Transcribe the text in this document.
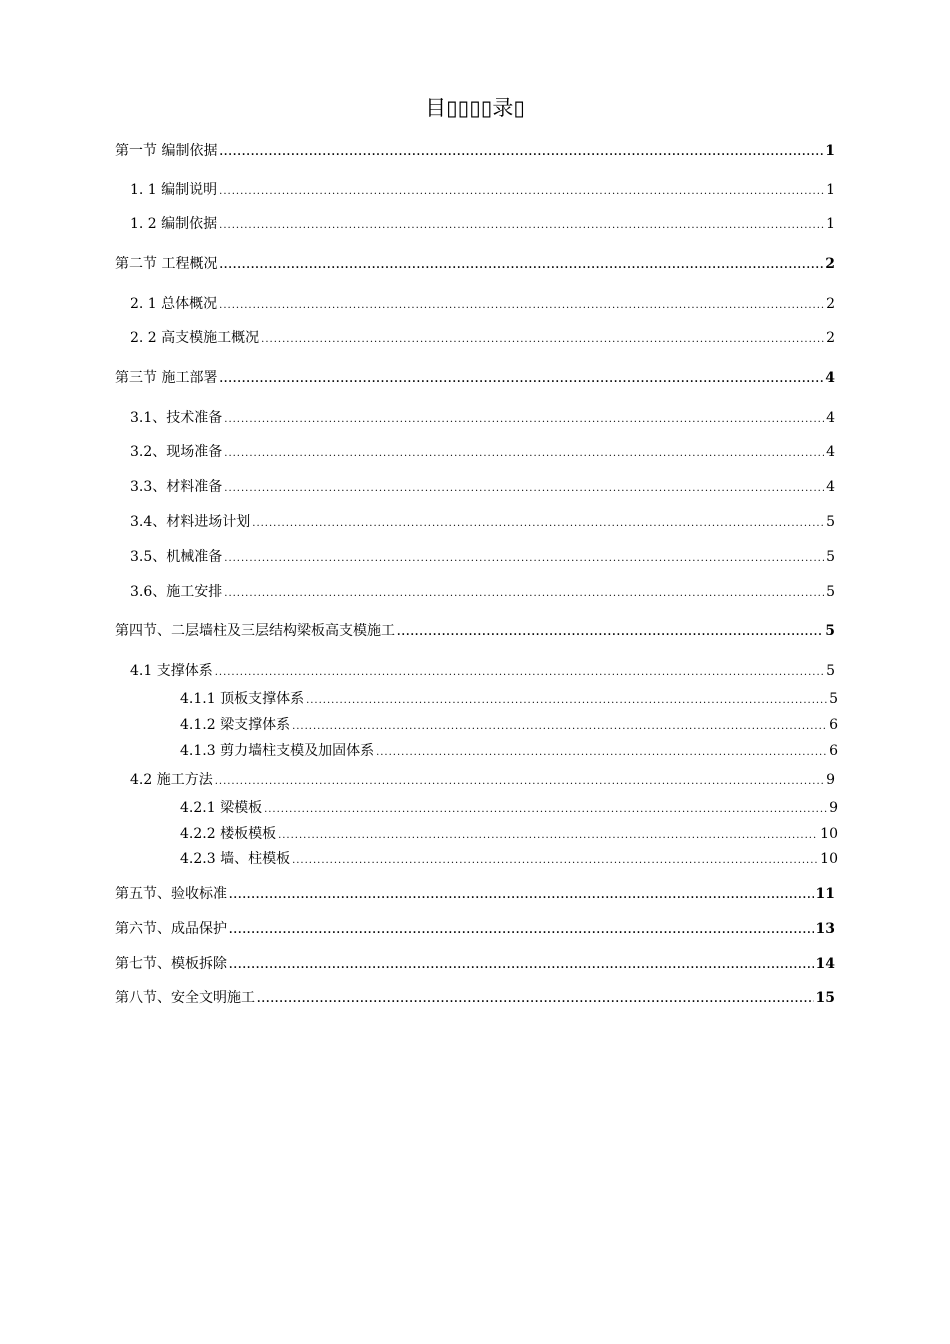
目▯▯▯▯录▯
第一节 编制依据 .....	1
1. 1 编制说明 .....	1
1. 2 编制依据 .....	1
第二节 工程概况 .....	2
2. 1 总体概况 .....	2
2. 2 高支模施工概况 .....	2
第三节 施工部署 .....	4
3.1、技术准备 .....	4
3.2、现场准备 .....	4
3.3、材料准备 .....	4
3.4、材料进场计划 .....	5
3.5、机械准备 .....	5
3.6、施工安排 .....	5
第四节、二层墙柱及三层结构梁板高支模施工 .....	5
4.1 支撑体系 .....	5
4.1.1 顶板支撑体系 .....	5
4.1.2 梁支撑体系 .....	6
4.1.3 剪力墙柱支模及加固体系 .....	6
4.2 施工方法 .....	9
4.2.1 梁模板 .....	9
4.2.2 楼板模板 .....	10
4.2.3 墙、柱模板 .....	10
第五节、验收标准 .....	11
第六节、成品保护 .....	13
第七节、模板拆除 .....	14
第八节、安全文明施工 .....	15
